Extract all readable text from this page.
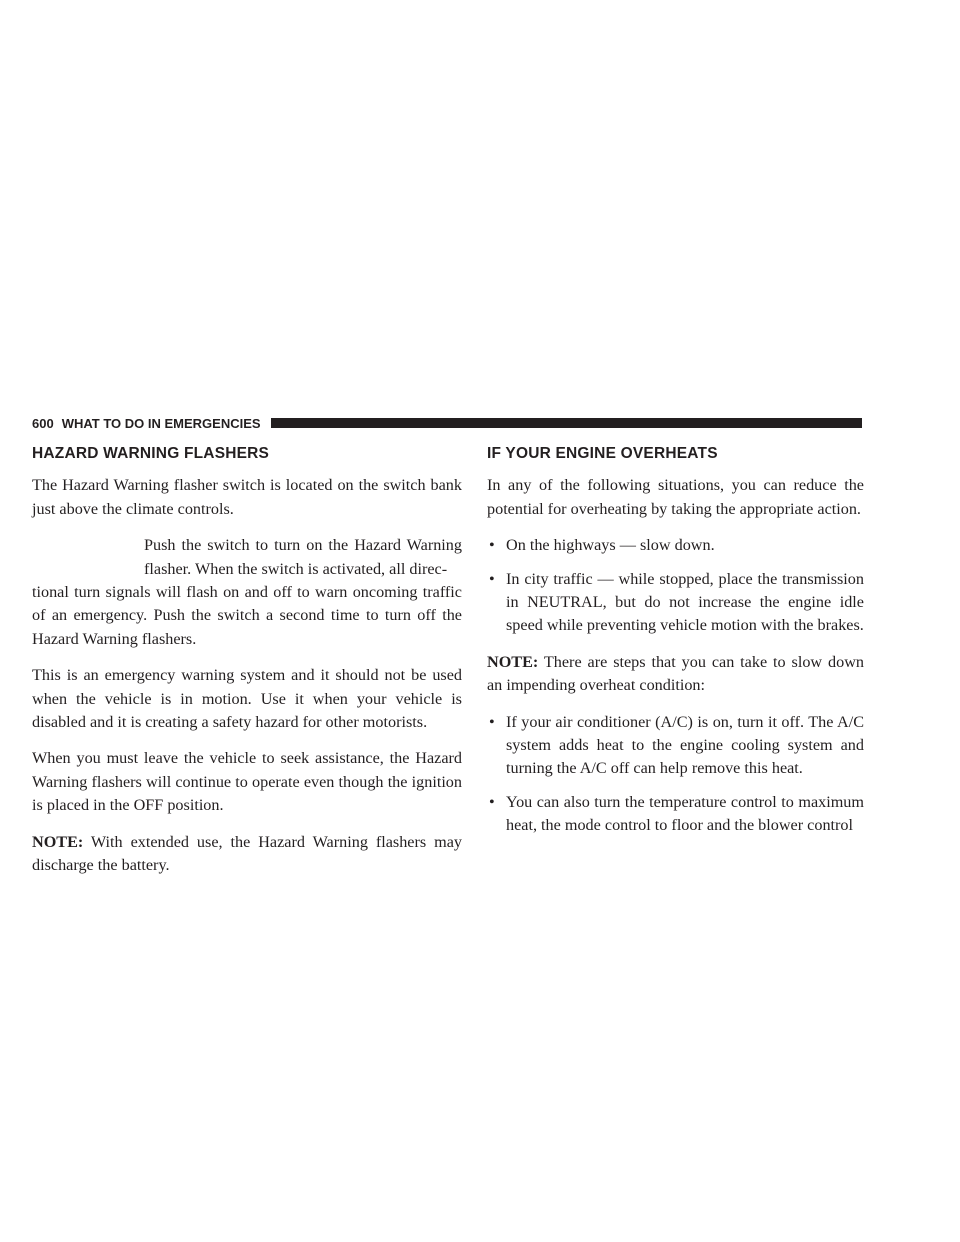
600 WHAT TO DO IN EMERGENCIES
HAZARD WARNING FLASHERS

The Hazard Warning flasher switch is located on the switch bank just above the climate controls.

Push the switch to turn on the Hazard Warning flasher. When the switch is activated, all direc-

tional turn signals will flash on and off to warn oncoming traffic of an emergency. Push the switch a second time to turn off the Hazard Warning flashers.

This is an emergency warning system and it should not be used when the vehicle is in motion. Use it when your vehicle is disabled and it is creating a safety hazard for other motorists.

When you must leave the vehicle to seek assistance, the Hazard Warning flashers will continue to operate even though the ignition is placed in the OFF position.

NOTE: With extended use, the Hazard Warning flashers may discharge the battery.

IF YOUR ENGINE OVERHEATS

In any of the following situations, you can reduce the potential for overheating by taking the appropriate action.

• On the highways — slow down.
• In city traffic — while stopped, place the transmission in NEUTRAL, but do not increase the engine idle speed while preventing vehicle motion with the brakes.

NOTE: There are steps that you can take to slow down an impending overheat condition:

• If your air conditioner (A/C) is on, turn it off. The A/C system adds heat to the engine cooling system and turning the A/C off can help remove this heat.
• You can also turn the temperature control to maximum heat, the mode control to floor and the blower control
